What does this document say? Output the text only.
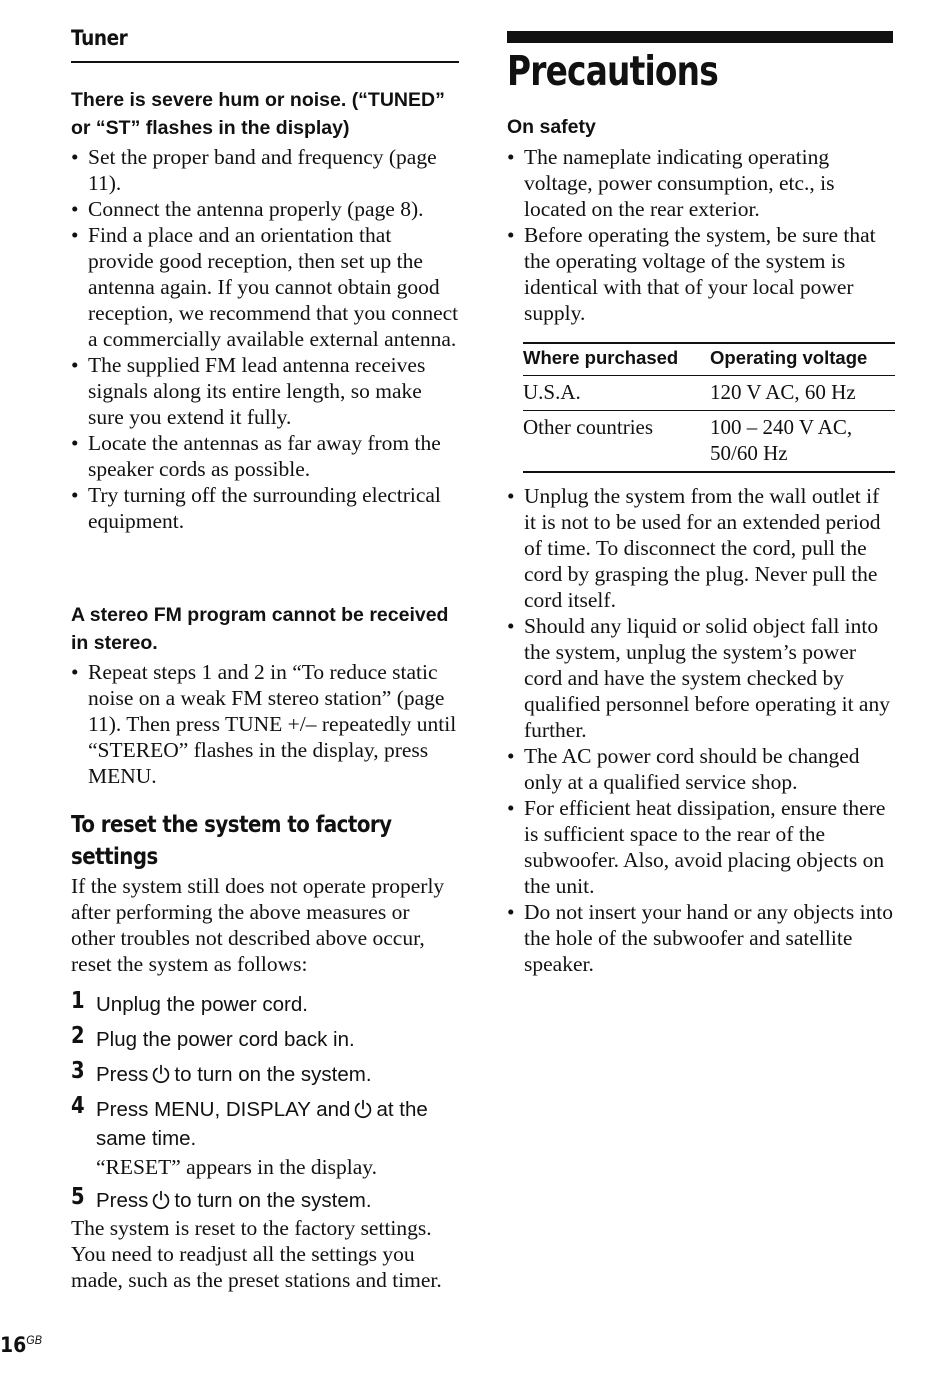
Tuner

There is severe hum or noise. (“TUNED” or “ST” flashes in the display)

• Set the proper band and frequency (page 11).
• Connect the antenna properly (page 8).
• Find a place and an orientation that provide good reception, then set up the antenna again. If you cannot obtain good reception, we recommend that you connect a commercially available external antenna.
• The supplied FM lead antenna receives signals along its entire length, so make sure you extend it fully.
• Locate the antennas as far away from the speaker cords as possible.
• Try turning off the surrounding electrical equipment.

A stereo FM program cannot be received in stereo.

• Repeat steps 1 and 2 in “To reduce static noise on a weak FM stereo station” (page 11). Then press TUNE +/– repeatedly until “STEREO” flashes in the display, press MENU.

To reset the system to factory settings

If the system still does not operate properly after performing the above measures or other troubles not described above occur, reset the system as follows:

1 Unplug the power cord.
2 Plug the power cord back in.
3 Press to turn on the system.
4 Press MENU, DISPLAY and at the same time.
“RESET” appears in the display.
5 Press to turn on the system.

The system is reset to the factory settings. You need to readjust all the settings you made, such as the preset stations and timer.

$16^{GB}$
Precautions

On safety

• The nameplate indicating operating voltage, power consumption, etc., is located on the rear exterior.
• Before operating the system, be sure that the operating voltage of the system is identical with that of your local power supply.
Where purchased	Operating voltage
U.S.A.	120 V AC, 60 Hz
Other countries	100 – 240 V AC, 50/60 Hz
• Unplug the system from the wall outlet if it is not to be used for an extended period of time. To disconnect the cord, pull the cord by grasping the plug. Never pull the cord itself.
• Should any liquid or solid object fall into the system, unplug the system’s power cord and have the system checked by qualified personnel before operating it any further.
• The AC power cord should be changed only at a qualified service shop.
• For efficient heat dissipation, ensure there is sufficient space to the rear of the subwoofer. Also, avoid placing objects on the unit.
• Do not insert your hand or any objects into the hole of the subwoofer and satellite speaker.
